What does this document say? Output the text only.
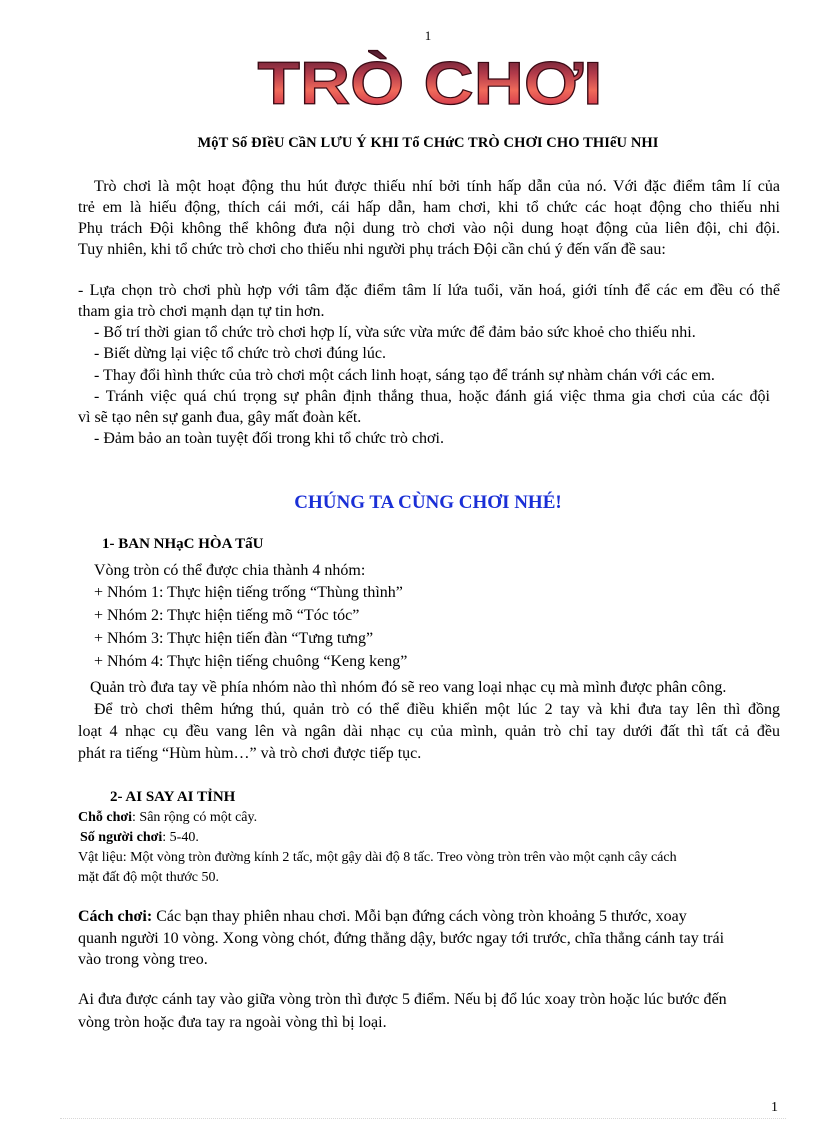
1
TRÒ CHƠI
MộT Số ĐIềU CầN LƯU Ý KHI Tổ CHứC TRÒ CHƠI CHO THIếU NHI
Trò chơi là một hoạt động thu hút được thiếu nhí bởi tính hấp dẫn của nó. Với đặc điểm tâm lí của
trẻ em là hiếu động, thích cái mới, cái hấp dẫn, ham chơi, khi tổ chức các hoạt động cho thiếu nhi
Phụ trách Đội không thể không đưa nội dung trò chơi vào nội dung hoạt động của liên đội, chi đội.
Tuy nhiên, khi tổ chức trò chơi cho thiếu nhi người phụ trách Đội cần chú ý đến vấn đề sau:
- Lựa chọn trò chơi phù hợp với tâm đặc điểm tâm lí lứa tuổi, văn hoá, giới tính để các em đều có thể
tham gia trò chơi mạnh dạn tự tin hơn.
- Bố trí thời gian tổ chức trò chơi hợp lí, vừa sức vừa mức để đảm bảo sức khoẻ cho thiếu nhi.
- Biết dừng lại việc tổ chức trò chơi đúng lúc.
- Thay đổi hình thức của trò chơi một cách linh hoạt, sáng tạo để tránh sự nhàm chán với các em.
- Tránh việc quá chú trọng sự phân định thắng thua, hoặc đánh giá việc thma gia chơi của các đội
vì sẽ tạo nên sự ganh đua, gây mất đoàn kết.
- Đảm bảo an toàn tuyệt đối trong khi tổ chức trò chơi.
CHÚNG TA CÙNG CHƠI NHÉ!
1- BAN NHạC HÒA TấU
Vòng tròn có thể được chia thành 4 nhóm:
+ Nhóm 1: Thực hiện tiếng trống “Thùng thình”
+ Nhóm 2: Thực hiện tiếng mõ “Tóc tóc”
+ Nhóm 3: Thực hiện tiến đàn “Tưng tưng”
+ Nhóm 4: Thực hiện tiếng chuông “Keng keng”
Quản trò đưa tay về phía nhóm nào thì nhóm đó sẽ reo vang loại nhạc cụ mà mình được phân công.
Để trò chơi thêm hứng thú, quản trò có thể điều khiển một lúc 2 tay và khi đưa tay lên thì đồng
loạt 4 nhạc cụ đều vang lên và ngân dài nhạc cụ của mình, quản trò chỉ tay dưới đất thì tất cả đều
phát ra tiếng “Hùm hùm…” và trò chơi được tiếp tục.
2- AI SAY AI TỈNH
Chỗ chơi: Sân rộng có một cây.
Số người chơi: 5-40.
Vật liệu: Một vòng tròn đường kính 2 tấc, một gậy dài độ 8 tấc. Treo vòng tròn trên vào một cạnh cây cách
mặt đất độ một thước 50.
Cách chơi: Các bạn thay phiên nhau chơi. Mỗi bạn đứng cách vòng tròn khoảng 5 thước, xoay
quanh người 10 vòng. Xong vòng chót, đứng thẳng dậy, bước ngay tới trước, chĩa thẳng cánh tay trái
vào trong vòng treo.
Ai đưa được cánh tay vào giữa vòng tròn thì được 5 điểm. Nếu bị đổ lúc xoay tròn hoặc lúc bước đến
vòng tròn hoặc đưa tay ra ngoài vòng thì bị loại.
1
